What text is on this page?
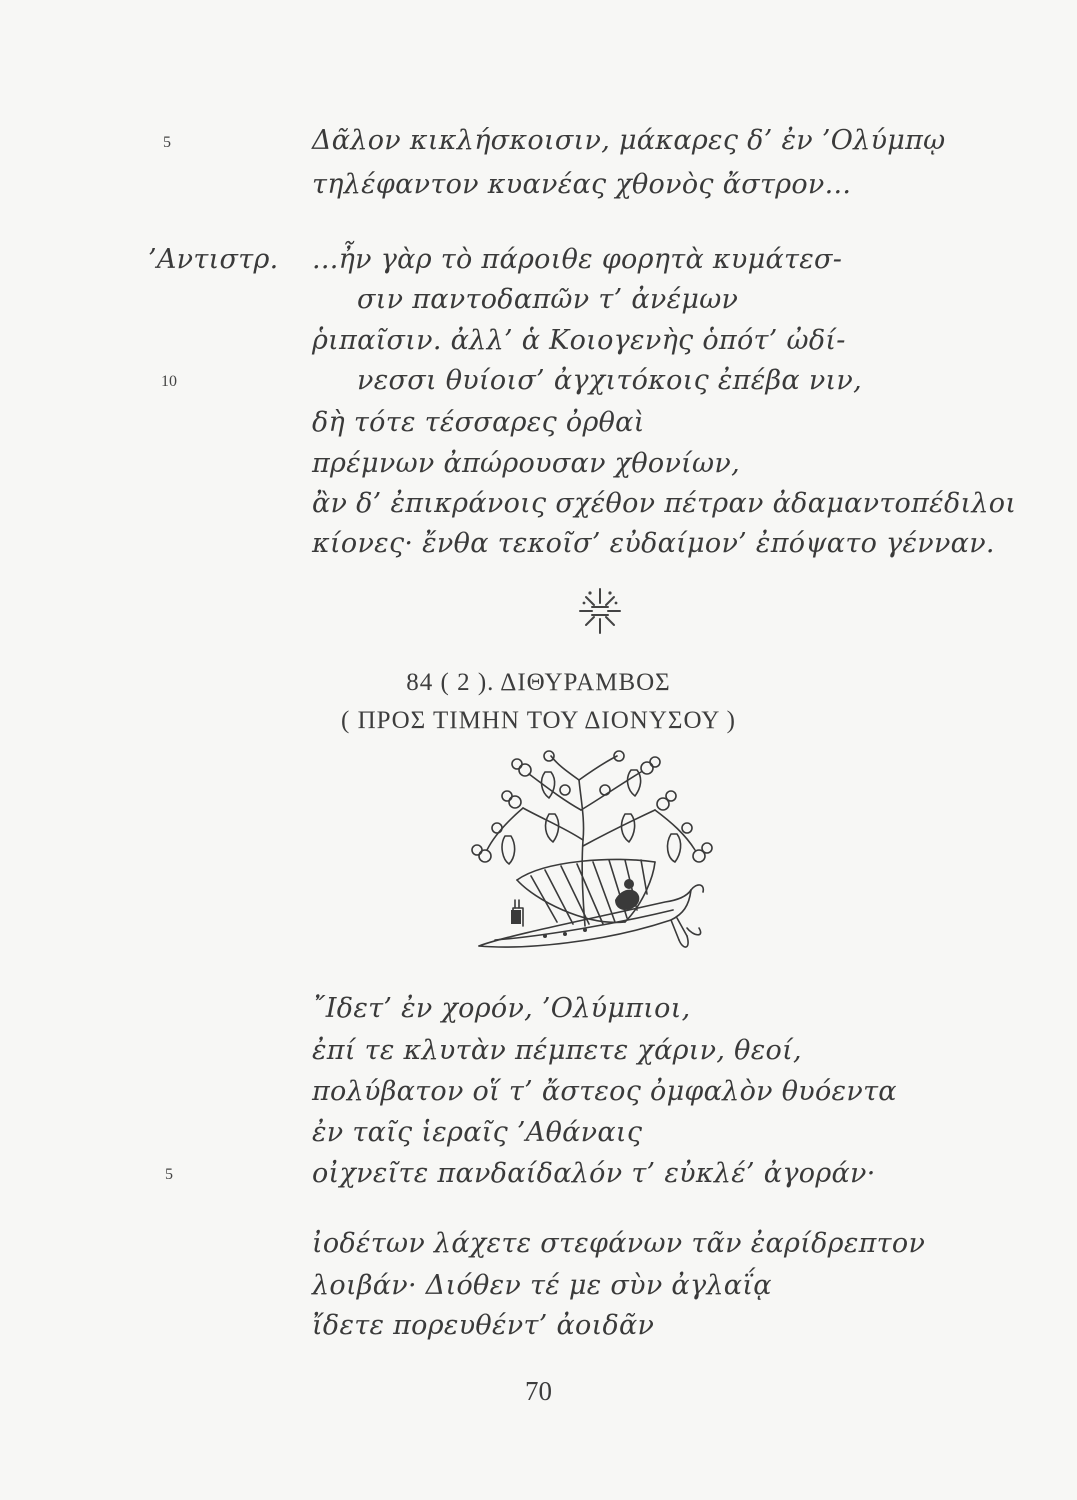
5	Δᾶλον κικλήσκοισιν, μάκαρες δ’ ἐν ’Ολύμπῳ
τηλέφαντον κυανέας χθονὸς ἄστρον...
’Αντιστρ. ...ἦν γὰρ τὸ πάροιθε φορητὰ κυμάτεσ-
σιν παντοδαπῶν τ’ ἀνέμων
ῥιπαῖσιν. ἀλλ’ ἁ Κοιογενὴς ὁπότ’ ὠδί-
10	νεσσι θυίοισ’ ἀγχιτόκοις ἐπέβα νιν,
δὴ τότε τέσσαρες ὀρθαὶ
πρέμνων ἀπώρουσαν χθονίων,
ἂν δ’ ἐπικράνοις σχέθον πέτραν ἀδαμαντοπέδιλοι
κίονες· ἔνθα τεκοῖσ’ εὐδαίμον’ ἐπόψατο γένναν.
84 ( 2 ). ΔΙΘΥΡΑΜΒΟΣ
( ΠΡΟΣ ΤΙΜΗΝ ΤΟΥ ΔΙΟΝΥΣΟΥ )
῎Ιδετ’ ἐν χορόν, ’Ολύμπιοι,
ἐπί τε κλυτὰν πέμπετε χάριν, θεοί,
πολύβατον οἵ τ’ ἄστεος ὀμφαλὸν θυόεντα
ἐν ταῖς ἱεραῖς ’Αθάναις
5	οἰχνεῖτε πανδαίδαλόν τ’ εὐκλέ’ ἀγοράν·
ἰοδέτων λάχετε στεφάνων τᾶν ἐαρίδρεπτον
λοιβάν· Διόθεν τέ με σὺν ἀγλαΐᾳ
ἴδετε πορευθέντ’ ἀοιδᾶν
70
